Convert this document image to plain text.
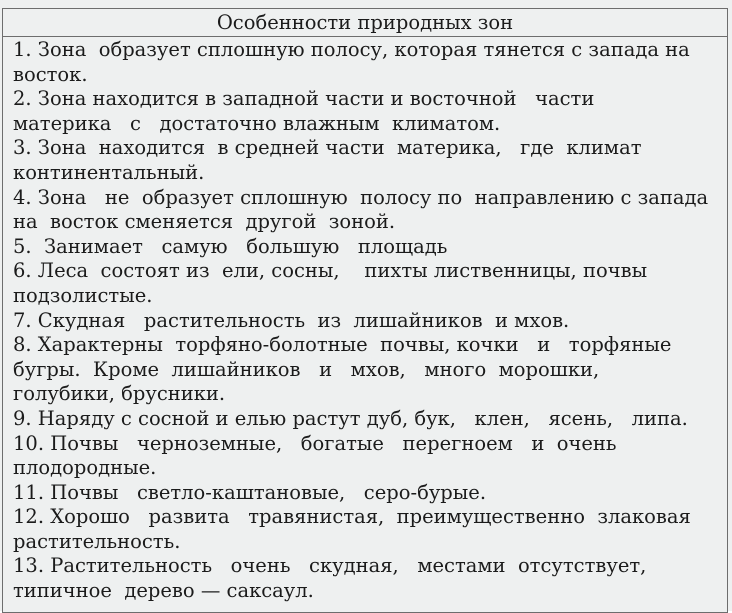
Особенности природных зон
1. Зона  образует сплошную полосу, которая тянется с запада на
восток.
2. Зона находится в западной части и восточной   части
материка   с   достаточно влажным  климатом.
3. Зона  находится  в средней части  материка,   где  климат
континентальный.
4. Зона   не  образует сплошную  полосу по  направлению с запада
на  восток сменяется  другой  зоной.
5.  Занимает   самую   большую   площадь
6. Леса  состоят из  ели, сосны,    пихты лиственницы, почвы
подзолистые.
7. Скудная   растительность  из  лишайников  и мхов.
8. Характерны  торфяно-болотные  почвы, кочки   и   торфяные
бугры.  Кроме  лишайников   и   мхов,   много  морошки,
голубики, брусники.
9. Наряду с сосной и елью растут дуб, бук,   клен,   ясень,   липа.
10. Почвы   черноземные,   богатые   перегноем   и  очень
плодородные.
11. Почвы   светло-каштановые,   серо-бурые.
12. Хорошо   развита   травянистая,  преимущественно  злаковая
растительность.
13. Растительность   очень   скудная,   местами  отсутствует,
типичное  дерево — саксаул.
